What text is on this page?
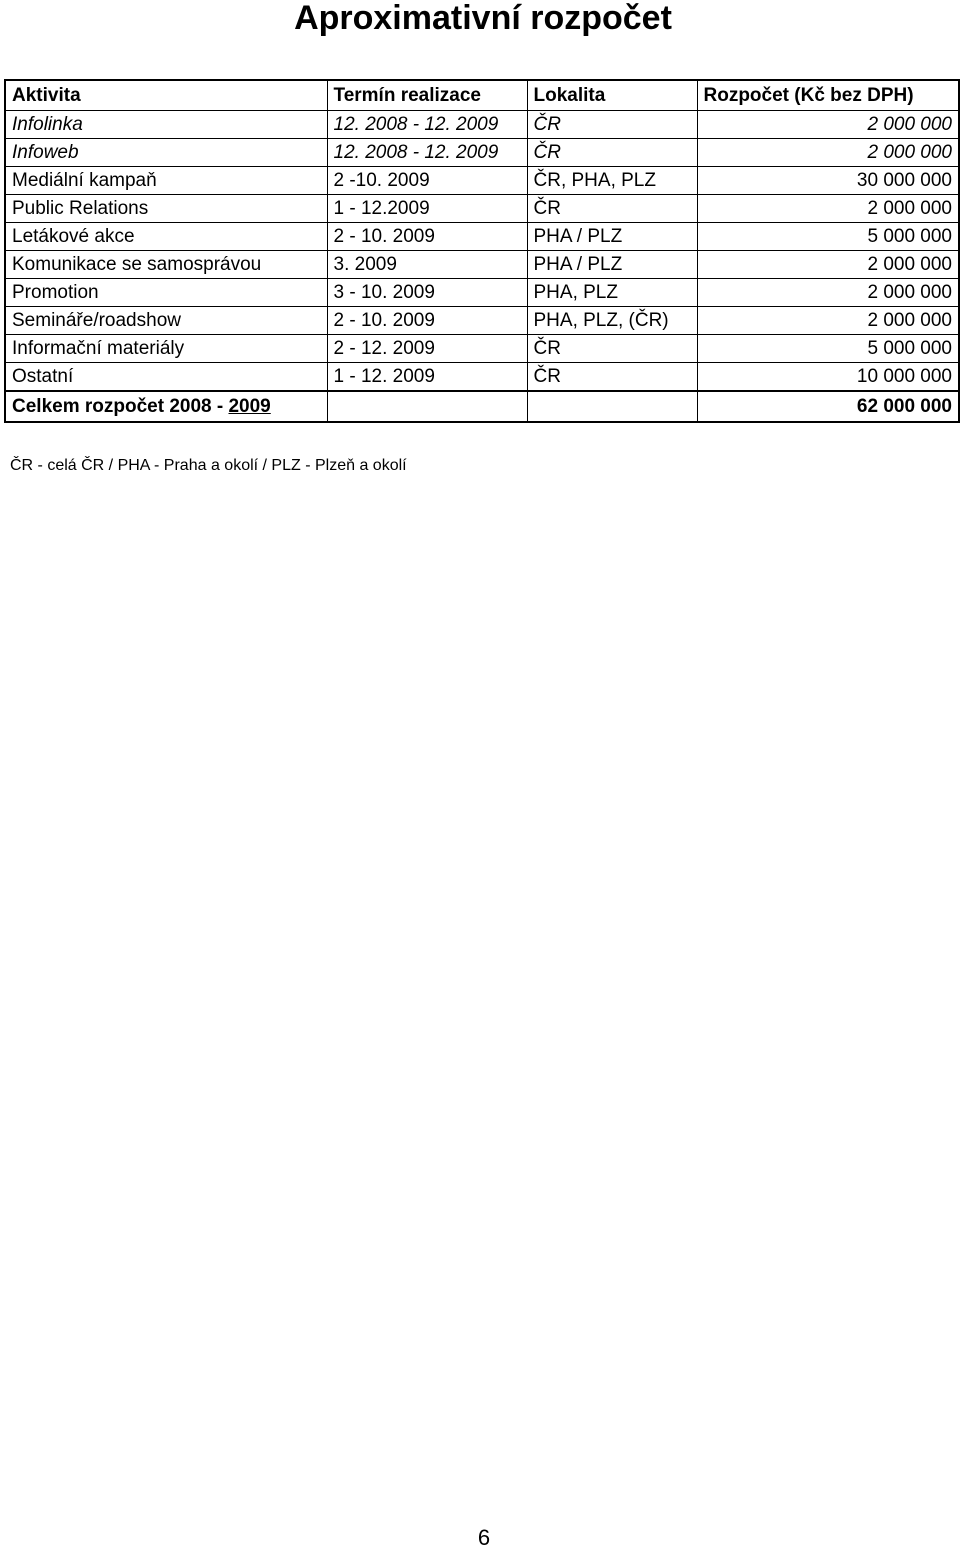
Aproximativní rozpočet
Aktivita	Termín realizace	Lokalita	Rozpočet (Kč bez DPH)
Infolinka	12. 2008 - 12. 2009	ČR	2 000 000
Infoweb	12. 2008 - 12. 2009	ČR	2 000 000
Mediální kampaň	2 -10. 2009	ČR, PHA, PLZ	30 000 000
Public Relations	1 - 12.2009	ČR	2 000 000
Letákové akce	2 - 10. 2009	PHA / PLZ	5 000 000
Komunikace se samosprávou	3. 2009	PHA / PLZ	2 000 000
Promotion	3 - 10. 2009	PHA, PLZ	2 000 000
Semináře/roadshow	2 - 10. 2009	PHA, PLZ, (ČR)	2 000 000
Informační materiály	2 - 12. 2009	ČR	5 000 000
Ostatní	1 - 12. 2009	ČR	10 000 000
Celkem rozpočet 2008 - 2009			62 000 000
ČR - celá ČR / PHA - Praha a okolí / PLZ - Plzeň a okolí
6
